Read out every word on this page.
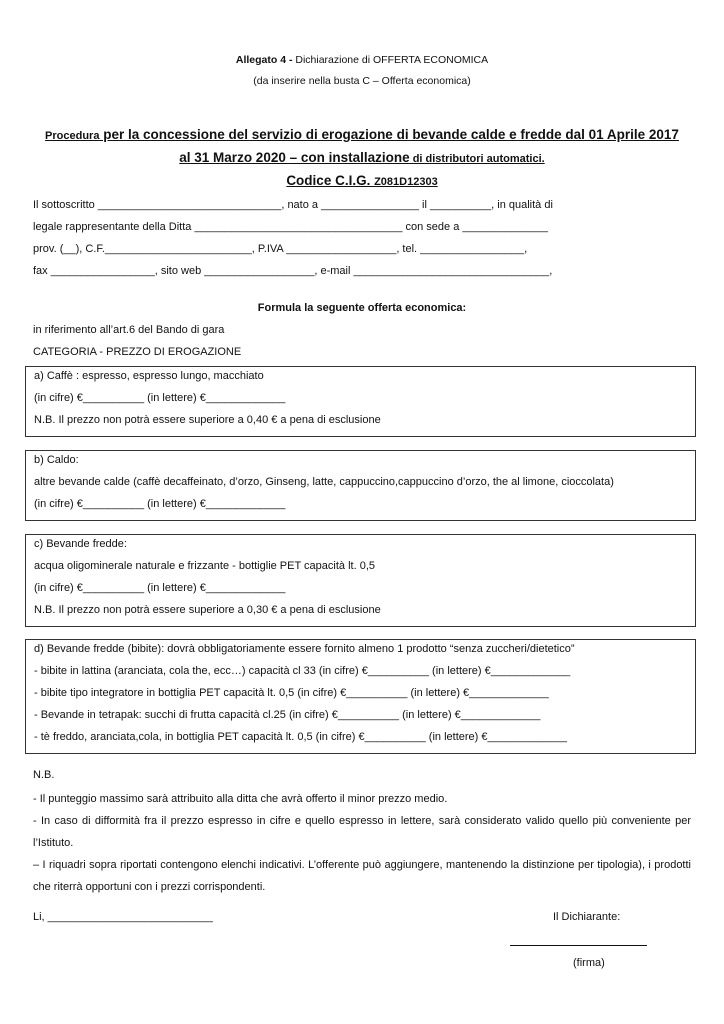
Allegato 4 - Dichiarazione di OFFERTA ECONOMICA
(da inserire nella busta C – Offerta economica)
Procedura per la concessione del servizio di erogazione di bevande calde e fredde dal 01 Aprile 2017 al 31 Marzo 2020 – con installazione di distributori automatici.
Codice C.I.G. Z081D12303
Il sottoscritto ______________________________, nato a ________________ il __________, in qualità di
legale rappresentante della Ditta __________________________________ con sede a ______________
prov. (__), C.F.________________________, P.IVA __________________, tel. _________________,
fax _________________, sito web __________________, e-mail ________________________________,
Formula la seguente offerta economica:
in riferimento all’art.6 del Bando di gara
CATEGORIA - PREZZO DI EROGAZIONE
a) Caffè : espresso, espresso lungo, macchiato
(in cifre) €__________ (in lettere) €_____________
N.B. Il prezzo non potrà essere superiore a 0,40 € a pena di esclusione
b) Caldo:
altre bevande calde (caffè decaffeinato, d’orzo, Ginseng, latte, cappuccino,cappuccino d’orzo, the al limone, cioccolata)
(in cifre) €__________ (in lettere) €_____________
c) Bevande fredde:
acqua oligominerale naturale e frizzante - bottiglie PET capacità lt. 0,5
(in cifre) €__________ (in lettere) €_____________
N.B. Il prezzo non potrà essere superiore a 0,30 € a pena di esclusione
d) Bevande fredde (bibite): dovrà obbligatoriamente essere fornito almeno 1 prodotto “senza zuccheri/dietetico”
- bibite in lattina (aranciata, cola the, ecc…) capacità cl 33 (in cifre) €__________ (in lettere) €_____________
- bibite tipo integratore in bottiglia PET capacità lt. 0,5 (in cifre) €__________ (in lettere) €_____________
- Bevande in tetrapak: succhi di frutta capacità cl.25 (in cifre) €__________ (in lettere) €_____________
- tè freddo, aranciata,cola, in bottiglia PET capacità lt. 0,5 (in cifre) €__________ (in lettere) €_____________
N.B.
- Il punteggio massimo sarà attribuito alla ditta che avrà offerto il minor prezzo medio.
- In caso di difformità fra il prezzo espresso in cifre e quello espresso in lettere, sarà considerato valido quello più conveniente per l’Istituto.
– I riquadri sopra riportati contengono elenchi indicativi. L’offerente può aggiungere, mantenendo la distinzione per tipologia), i prodotti che riterrà opportuni con i prezzi corrispondenti.
Li, ___________________________	Il Dichiarante:
(firma)
